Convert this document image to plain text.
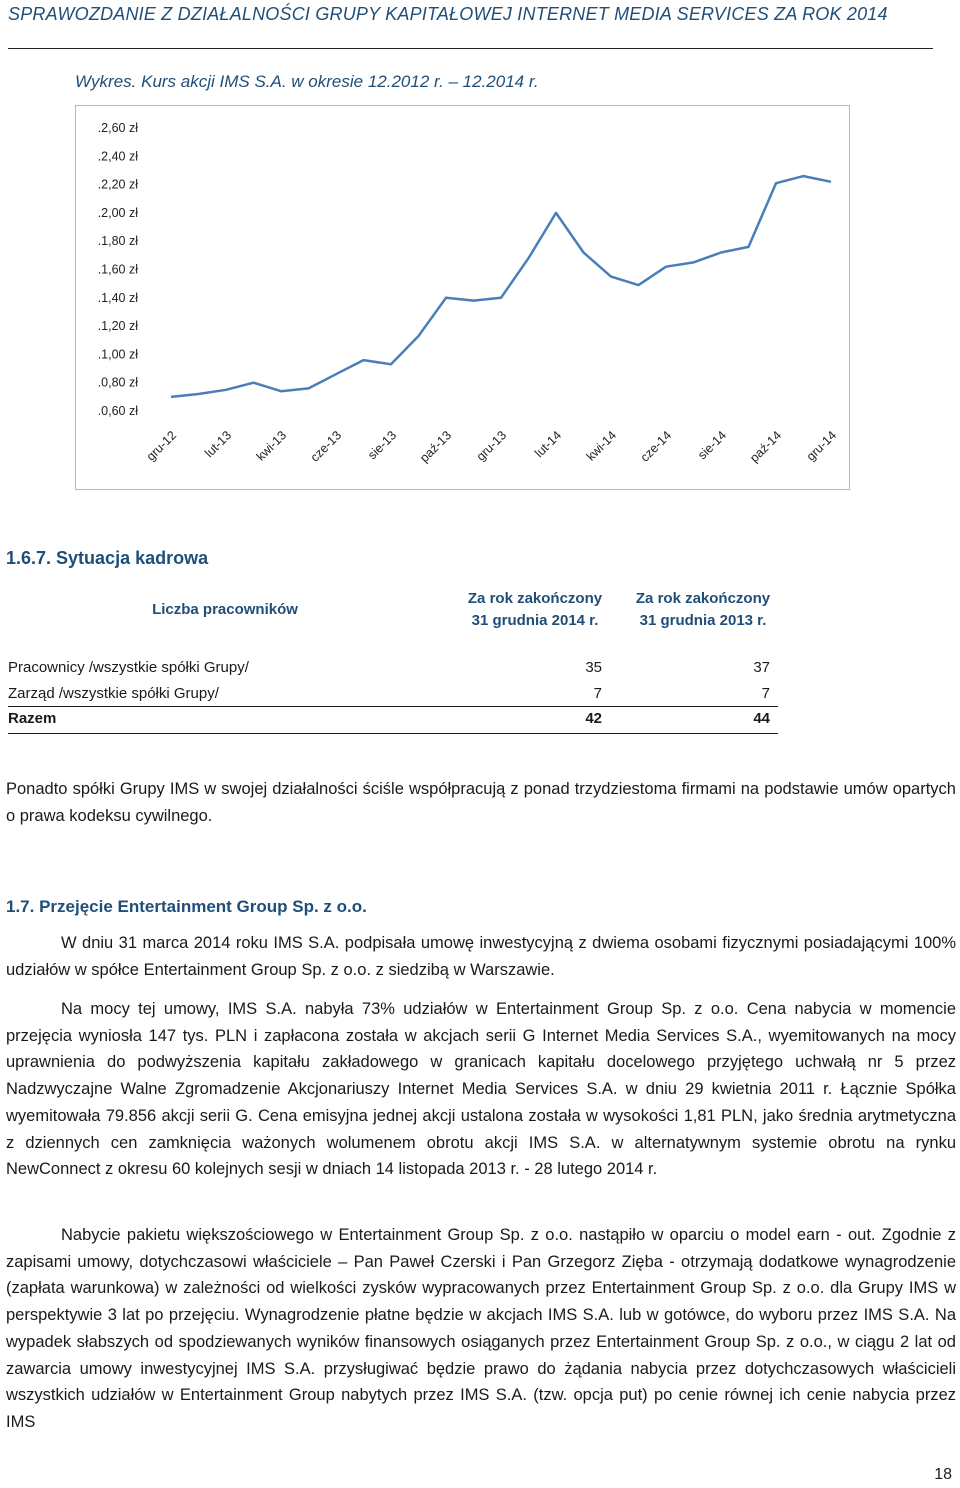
SPRAWOZDANIE Z DZIAŁALNOŚCI GRUPY KAPITAŁOWEJ INTERNET MEDIA SERVICES ZA ROK 2014
Wykres. Kurs akcji IMS S.A. w okresie 12.2012 r. – 12.2014 r.
.0,60 zł
.0,80 zł
.1,00 zł
.1,20 zł
.1,40 zł
.1,60 zł
.1,80 zł
.2,00 zł
.2,20 zł
.2,40 zł
.2,60 zł
gru-12 lut-13 kwi-13 cze-13 sie-13 paź-13 gru-13 lut-14 kwi-14 cze-14 sie-14 paź-14 gru-14
1.6.7. Sytuacja kadrowa
Liczba pracowników
Za rok zakończony
31 grudnia 2014 r.
Za rok zakończony
31 grudnia 2013 r.
Pracownicy /wszystkie spółki Grupy/	35	37
Zarząd /wszystkie spółki Grupy/	7	7
Razem	42	44
Ponadto spółki Grupy IMS w swojej działalności ściśle współpracują z ponad trzydziestoma firmami na podstawie umów opartych o prawa kodeksu cywilnego.
1.7. Przejęcie Entertainment Group Sp. z o.o.
W dniu 31 marca 2014 roku IMS S.A. podpisała umowę inwestycyjną z dwiema osobami fizycznymi posiadającymi 100% udziałów w spółce Entertainment Group Sp. z o.o. z siedzibą w Warszawie.
Na mocy tej umowy, IMS S.A. nabyła 73% udziałów w Entertainment Group Sp. z o.o. Cena nabycia w momencie przejęcia wyniosła 147 tys. PLN i zapłacona została w akcjach serii G Internet Media Services S.A., wyemitowanych na mocy uprawnienia do podwyższenia kapitału zakładowego w granicach kapitału docelowego przyjętego uchwałą nr 5 przez Nadzwyczajne Walne Zgromadzenie Akcjonariuszy Internet Media Services S.A. w dniu 29 kwietnia 2011 r. Łącznie Spółka wyemitowała 79.856 akcji serii G. Cena emisyjna jednej akcji ustalona została w wysokości 1,81 PLN, jako średnia arytmetyczna z dziennych cen zamknięcia ważonych wolumenem obrotu akcji IMS S.A. w alternatywnym systemie obrotu na rynku NewConnect z okresu 60 kolejnych sesji w dniach 14 listopada 2013 r. - 28 lutego 2014 r.
Nabycie pakietu większościowego w Entertainment Group Sp. z o.o. nastąpiło w oparciu o model earn - out. Zgodnie z zapisami umowy, dotychczasowi właściciele – Pan Paweł Czerski i Pan Grzegorz Zięba - otrzymają dodatkowe wynagrodzenie (zapłata warunkowa) w zależności od wielkości zysków wypracowanych przez Entertainment Group Sp. z o.o. dla Grupy IMS w perspektywie 3 lat po przejęciu. Wynagrodzenie płatne będzie w akcjach IMS S.A. lub w gotówce, do wyboru przez IMS S.A. Na wypadek słabszych od spodziewanych wyników finansowych osiąganych przez Entertainment Group Sp. z o.o., w ciągu 2 lat od zawarcia umowy inwestycyjnej IMS S.A. przysługiwać będzie prawo do żądania nabycia przez dotychczasowych właścicieli wszystkich udziałów w Entertainment Group nabytych przez IMS S.A. (tzw. opcja put) po cenie równej ich cenie nabycia przez IMS
18
